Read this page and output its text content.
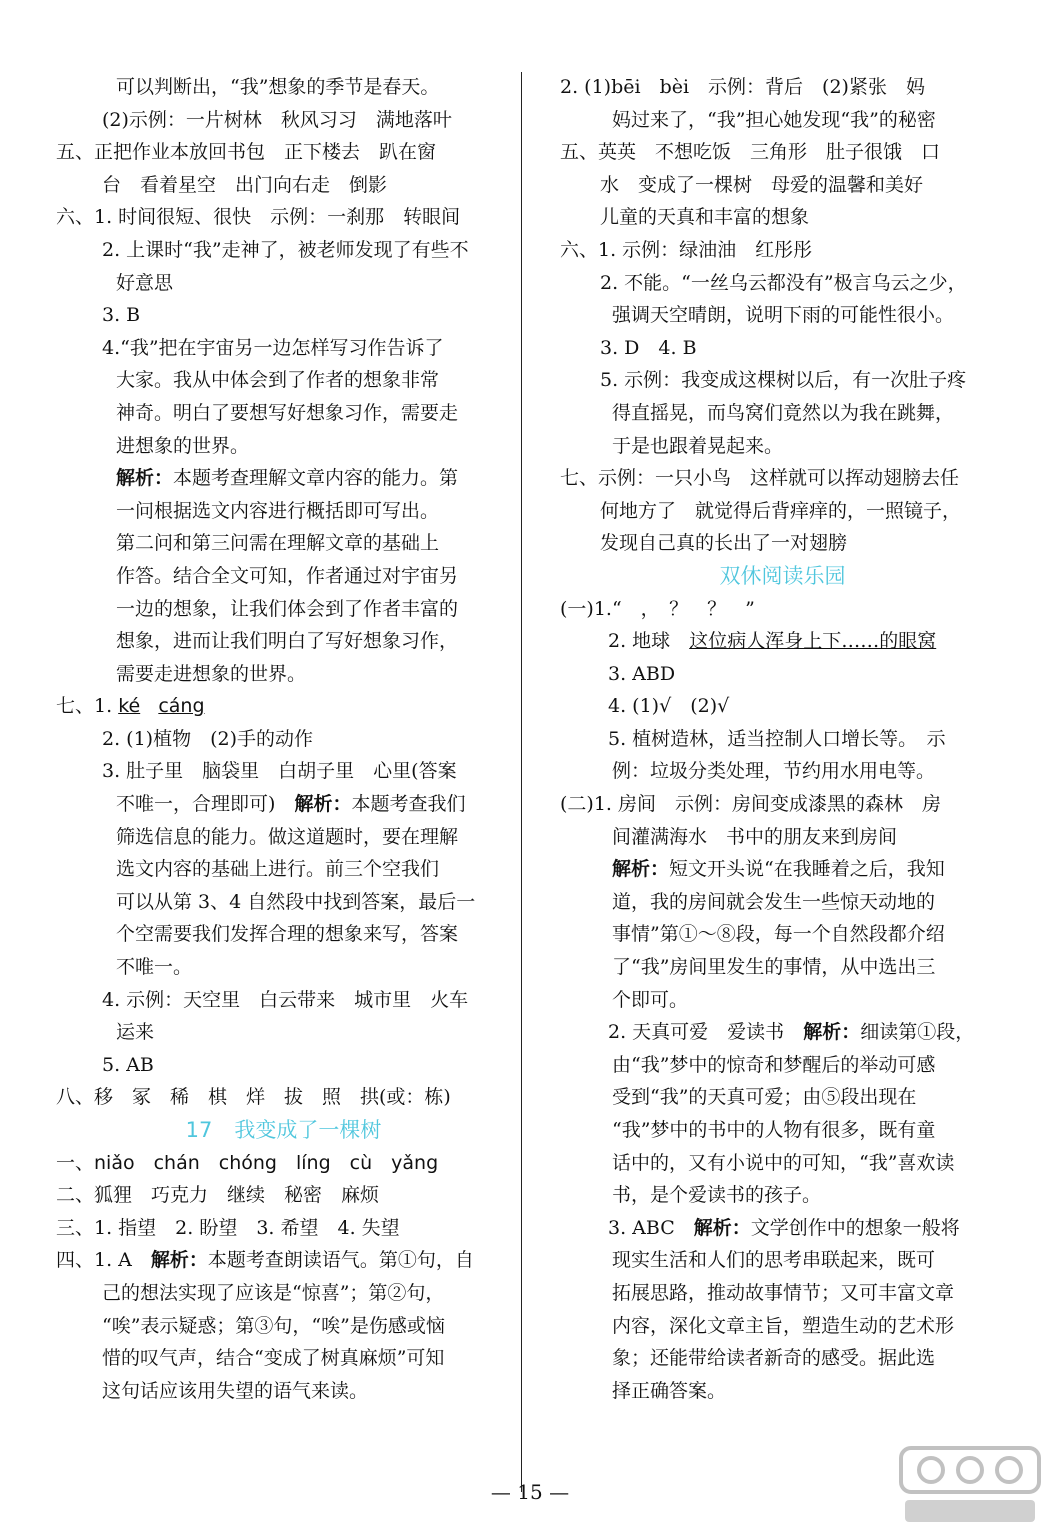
可以判断出，“我”想象的季节是春天。
(2)示例：一片树林　秋风习习　满地落叶
五、正把作业本放回书包　正下楼去　趴在窗
台　看着星空　出门向右走　倒影
六、1. 时间很短、很快　示例：一刹那　转眼间
2. 上课时“我”走神了，被老师发现了有些不
好意思
3. B
4.“我”把在宇宙另一边怎样写习作告诉了
大家。我从中体会到了作者的想象非常
神奇。明白了要想写好想象习作，需要走
进想象的世界。
解析：本题考查理解文章内容的能力。第
一问根据选文内容进行概括即可写出。
第二问和第三问需在理解文章的基础上
作答。结合全文可知，作者通过对宇宙另
一边的想象，让我们体会到了作者丰富的
想象，进而让我们明白了写好想象习作，
需要走进想象的世界。
七、1. ké cáng
2. (1)植物　(2)手的动作
3. 肚子里　脑袋里　白胡子里　心里(答案
不唯一，合理即可)　 解析：本题考查我们
筛选信息的能力。做这道题时，要在理解
选文内容的基础上进行。前三个空我们
可以从第 3、4 自然段中找到答案，最后一
个空需要我们发挥合理的想象来写，答案
不唯一。
4. 示例：天空里　白云带来　城市里　火车
运来
5. AB
八、移　冢　稀　棋　烊　拔　照　拱(或：栋)
17 我变成了一棵树
一、niǎo　chán　chóng　líng　cù　yǎng
二、狐狸　巧克力　继续　秘密　麻烦
三、1. 指望　2. 盼望　3. 希望　4. 失望
四、1. A　 解析：本题考查朗读语气。第①句，自
己的想法实现了应该是“惊喜”；第②句，
“唉”表示疑惑；第③句，“唉”是伤感或恼
惜的叹气声，结合“变成了树真麻烦”可知
这句话应该用失望的语气来读。
2. (1)bēi　bèi　示例：背后　(2)紧张　妈
妈过来了，“我”担心她发现“我”的秘密
五、英英　不想吃饭　三角形　肚子很饿　口
水　变成了一棵树　母爱的温馨和美好
儿童的天真和丰富的想象
六、1. 示例：绿油油　红彤彤
2. 不能。“一丝乌云都没有”极言乌云之少，
强调天空晴朗，说明下雨的可能性很小。
3. D　4. B
5. 示例：我变成这棵树以后，有一次肚子疼
得直摇晃，而鸟窝们竟然以为我在跳舞，
于是也跟着晃起来。
七、示例：一只小鸟　这样就可以挥动翅膀去任
何地方了　就觉得后背痒痒的，一照镜子，
发现自己真的长出了一对翅膀
双休阅读乐园
(一)1.“　，　？　？　”
2. 地球　 这位病人浑身上下……的眼窝
3. ABD
4. (1)√　(2)√
5. 植树造林，适当控制人口增长等。　示
例：垃圾分类处理，节约用水用电等。
(二)1. 房间　示例：房间变成漆黑的森林　房
间灌满海水　书中的朋友来到房间
解析：短文开头说“在我睡着之后，我知
道，我的房间就会发生一些惊天动地的
事情”第①～⑧段，每一个自然段都介绍
了“我”房间里发生的事情，从中选出三
个即可。
2. 天真可爱　爱读书　 解析：细读第①段，
由“我”梦中的惊奇和梦醒后的举动可感
受到“我”的天真可爱；由⑤段出现在
“我”梦中的书中的人物有很多，既有童
话中的，又有小说中的可知，“我”喜欢读
书，是个爱读书的孩子。
3. ABC　 解析：文学创作中的想象一般将
现实生活和人们的思考串联起来，既可
拓展思路，推动故事情节；又可丰富文章
内容，深化文章主旨，塑造生动的艺术形
象；还能带给读者新奇的感受。据此选
择正确答案。
— 15 —
